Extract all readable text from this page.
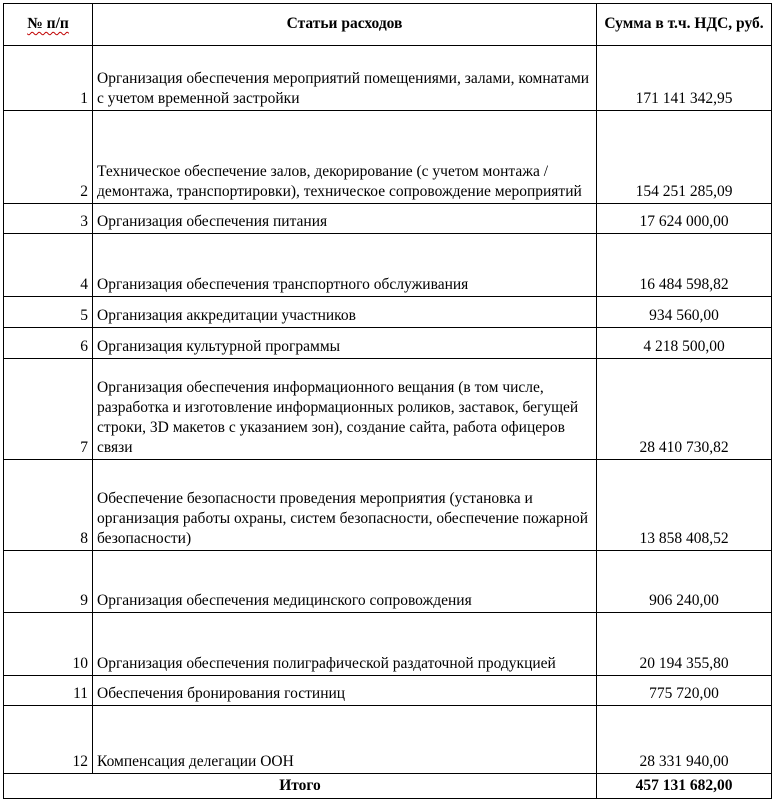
№ п/п	Статьи расходов	Сумма в т.ч. НДС, руб.
1	Организация обеспечения мероприятий помещениями, залами, комнатами с учетом временной застройки	171 141 342,95
2	Техническое обеспечение залов, декорирование (с учетом монтажа /демонтажа, транспортировки), техническое сопровождение мероприятий	154 251 285,09
3	Организация обеспечения питания	17 624 000,00
4	Организация обеспечения транспортного обслуживания	16 484 598,82
5	Организация аккредитации участников	934 560,00
6	Организация культурной программы	4 218 500,00
7	Организация обеспечения информационного вещания (в том числе, разработка и изготовление информационных роликов, заставок, бегущей строки, 3D макетов с указанием зон), создание сайта, работа офицеров связи	28 410 730,82
8	Обеспечение безопасности проведения мероприятия (установка и организация работы охраны, систем безопасности, обеспечение пожарной безопасности)	13 858 408,52
9	Организация обеспечения медицинского сопровождения	906 240,00
10	Организация обеспечения полиграфической раздаточной продукцией	20 194 355,80
11	Обеспечения бронирования гостиниц	775 720,00
12	Компенсация делегации ООН	28 331 940,00
Итого		457 131 682,00
